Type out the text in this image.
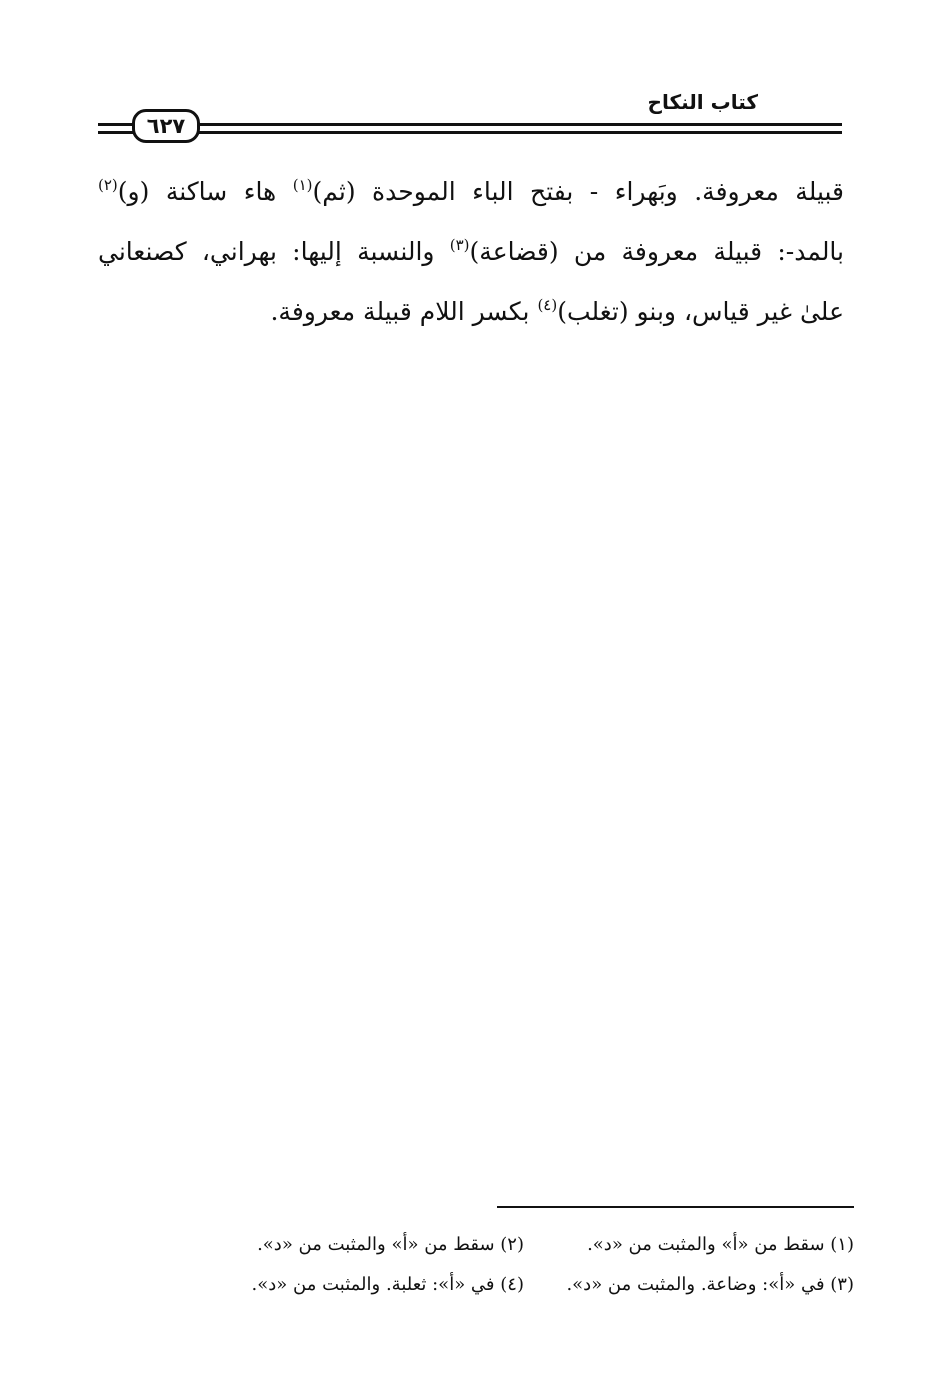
كتاب النكاح
٦٢٧
قبيلة معروفة. وبَهراء - بفتح الباء الموحدة (ثم)$^{(١)}$ هاء ساكنة (و)$^{(٢)}$
بالمد-: قبيلة معروفة من (قضاعة)$^{(٣)}$ والنسبة إليها: بهراني، كصنعاني
علىٰ غير قياس، وبنو (تغلب)$^{(٤)}$ بكسر اللام قبيلة معروفة.
(١) سقط من «أ» والمثبت من «د».
(٢) سقط من «أ» والمثبت من «د».
(٣) في «أ»: وضاعة. والمثبت من «د».
(٤) في «أ»: ثعلبة. والمثبت من «د».
